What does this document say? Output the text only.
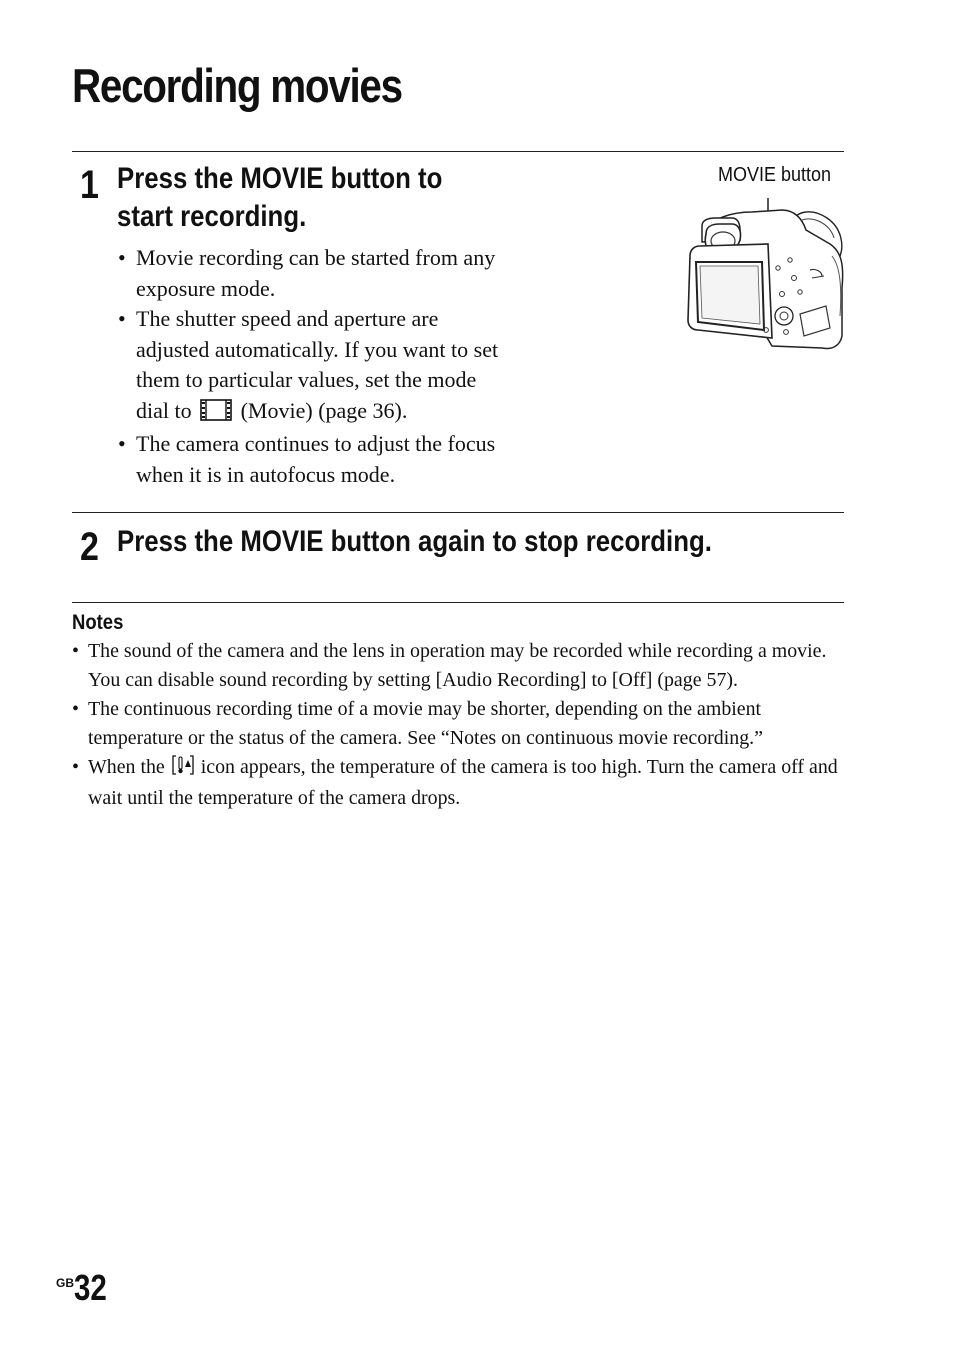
Recording movies
1 Press the MOVIE button to
start recording.
• Movie recording can be started from any exposure mode.
• The shutter speed and aperture are adjusted automatically. If you want to set them to particular values, set the mode dial to  (Movie) (page 36).
• The camera continues to adjust the focus when it is in autofocus mode.
MOVIE button
2 Press the MOVIE button again to stop recording.
Notes
• The sound of the camera and the lens in operation may be recorded while recording a movie. You can disable sound recording by setting [Audio Recording] to [Off] (page 57).
• The continuous recording time of a movie may be shorter, depending on the ambient temperature or the status of the camera. See “Notes on continuous movie recording.”
• When the  icon appears, the temperature of the camera is too high. Turn the camera off and wait until the temperature of the camera drops.
GB 32
